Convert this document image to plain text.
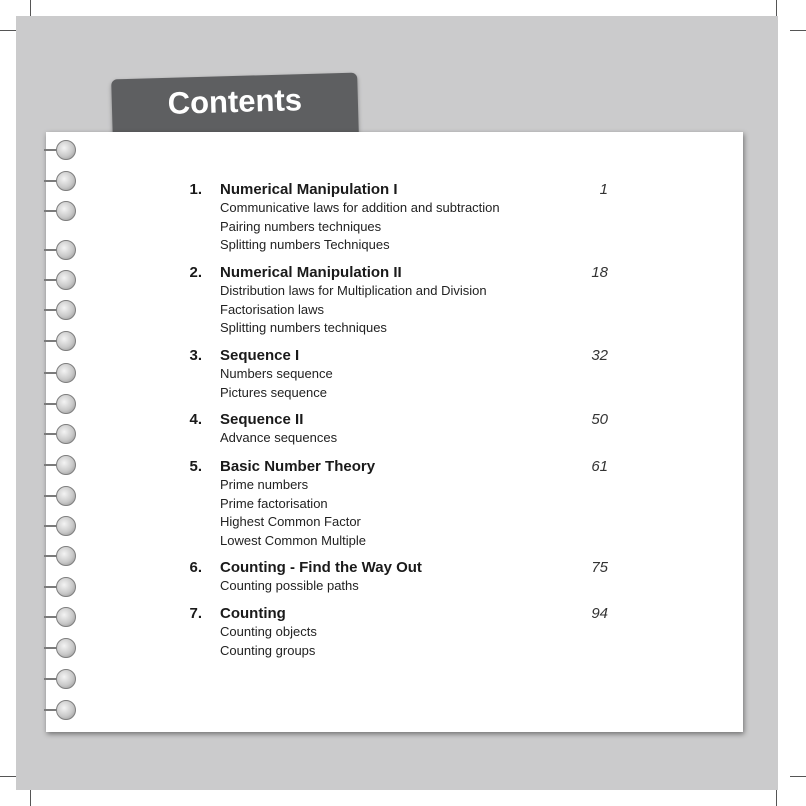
Contents
1. Numerical Manipulation I	1
Communicative laws for addition and subtraction
Pairing numbers techniques
Splitting numbers Techniques
2. Numerical Manipulation II	18
Distribution laws for Multiplication and Division
Factorisation laws
Splitting numbers techniques
3. Sequence I	32
Numbers sequence
Pictures sequence
4. Sequence II	50
Advance sequences
5. Basic Number Theory	61
Prime numbers
Prime factorisation
Highest Common Factor
Lowest Common Multiple
6. Counting - Find the Way Out	75
Counting possible paths
7. Counting	94
Counting objects
Counting groups
